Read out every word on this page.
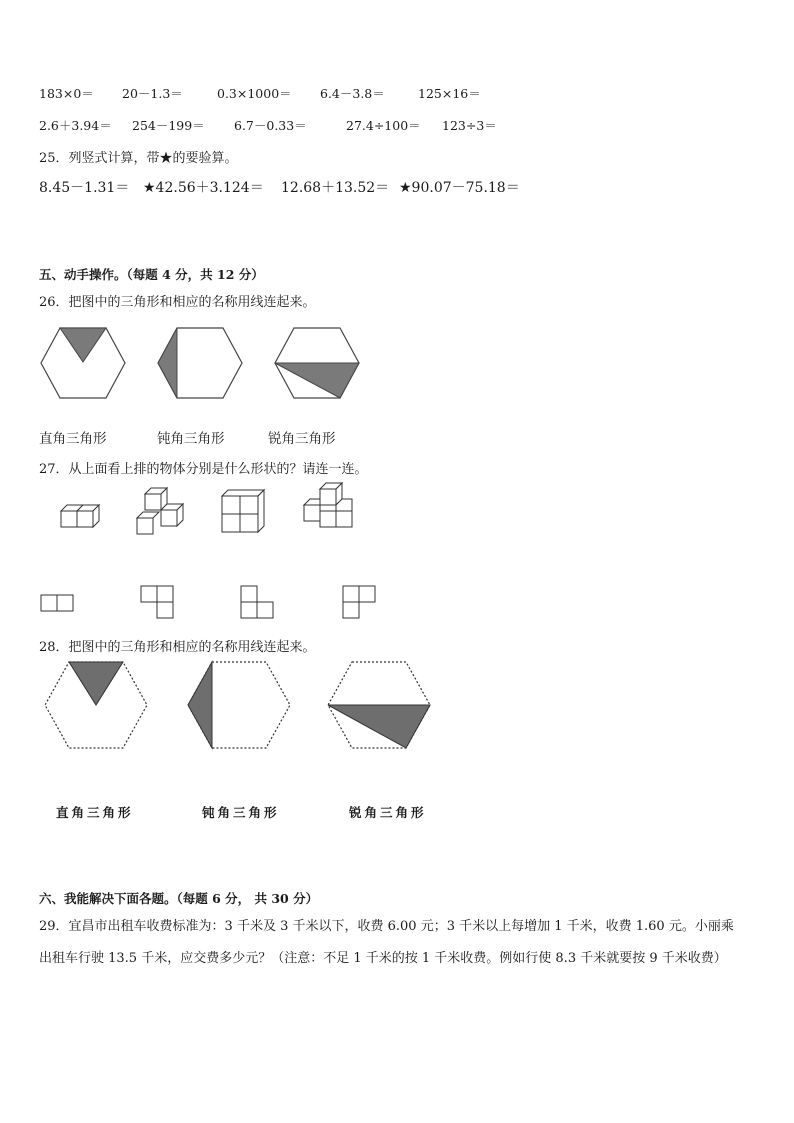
183×0＝ 20－1.3＝	0.3×1000＝ 6.4－3.8＝	125×16＝
2.6＋3.94＝ 254－199＝ 6.7－0.33＝	27.4÷100＝ 123÷3＝
25．列竖式计算，带★的要验算。
8.45－1.31＝ ★42.56＋3.124＝ 12.68＋13.52＝ ★90.07－75.18＝
五、动手操作。（每题 4 分，共 12 分）
26．把图中的三角形和相应的名称用线连起来。
直角三角形	钝角三角形	锐角三角形
27．从上面看上排的物体分别是什么形状的？请连一连。
28．把图中的三角形和相应的名称用线连起来。
直角三角形	钝角三角形	锐角三角形
六、我能解决下面各题。（每题 6 分， 共 30 分）
29．宜昌市出租车收费标准为：3 千米及 3 千米以下，收费 6.00 元；3 千米以上每增加 1 千米，收费 1.60 元。小丽乘
出租车行驶 13.5 千米，应交费多少元？（注意：不足 1 千米的按 1 千米收费。例如行使 8.3 千米就要按 9 千米收费）
